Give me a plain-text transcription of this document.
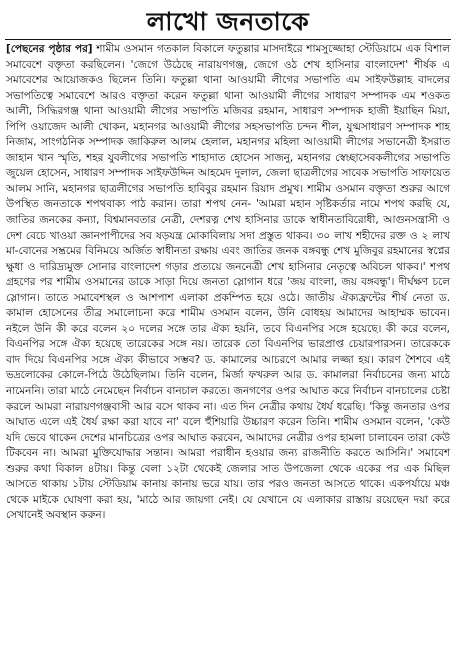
লাখো জনতাকে

[পেছনের পৃষ্ঠার পর] শামীম ওসমান গতকাল বিকালে ফতুল্লার মাসদাইরে শামসুজ্জোহা স্টেডিয়ামে এক বিশাল সমাবেশে বক্তৃতা করছিলেন। 'জেগে উঠেছে নারায়ণগঞ্জ, জেগে ওঠ শেখ হাসিনার বাংলাদেশ' শীর্ষক এ সমাবেশের আয়োজকও ছিলেন তিনি। ফতুল্লা থানা আওয়ামী লীগের সভাপতি এম সাইফউল্লাহ বাদলের সভাপতিত্বে সমাবেশে আরও বক্তৃতা করেন ফতুল্লা থানা আওয়ামী লীগের সাধারণ সম্পাদক এম শওকত আলী, সিদ্ধিরগঞ্জ থানা আওয়ামী লীগের সভাপতি মজিবর রহমান, সাধারণ সম্পাদক হাজী ইয়াছিন মিয়া, পিপি ওয়াজেদ আলী খোকন, মহানগর আওয়ামী লীগের সহসভাপতি চন্দন শীল, যুগ্মসাধারণ সম্পাদক শাহ নিজাম, সাংগঠনিক সম্পাদক জাকিরুল আলম হেলাল, মহানগর মহিলা আওয়ামী লীগের সভানেত্রী ইসরাত জাহান খান স্মৃতি, শহর যুবলীগের সভাপতি শাহাদাত হোসেন সাজনু, মহানগর স্বেচ্ছাসেবকলীগের সভাপতি জুয়েল হোসেন, সাধারণ সম্পাদক সাইফউদ্দিন আহমেদ দুলাল, জেলা ছাত্রলীগের সাবেক সভাপতি সাফায়েত আলম সানি, মহানগর ছাত্রলীগের সভাপতি হাবিবুর রহমান রিয়াদ প্রমুখ। শামীম ওসমান বক্তৃতা শুরুর আগে উপস্থিত জনতাকে শপথবাক্য পাঠ করান। তারা শপথ নেন- 'আমরা মহান সৃষ্টিকর্তার নামে শপথ করছি যে, জাতির জনকের কন্যা, বিশ্বমানবতার নেত্রী, দেশরত্ন শেখ হাসিনার ডাকে স্বাধীনতাবিরোধী, আগুনসন্ত্রাসী ও দেশ বেচে খাওয়া জ্ঞানপাপীদের সব ষড়যন্ত্র মোকাবিলায় সদা প্রস্তুত থাকব। ৩০ লাখ শহীদের রক্ত ও ২ লাখ মা-বোনের সম্ভ্রমের বিনিময়ে অর্জিত স্বাধীনতা রক্ষায় এবং জাতির জনক বঙ্গবন্ধু শেখ মুজিবুর রহমানের স্বপ্নের ক্ষুধা ও দারিদ্র্যমুক্ত সোনার বাংলাদেশ গড়ার প্রত্যয়ে জননেত্রী শেখ হাসিনার নেতৃত্বে অবিচল থাকব।' শপথ গ্রহণের পর শামীম ওসমানের ডাকে সাড়া দিয়ে জনতা স্লোগান ধরে 'জয় বাংলা, জয় বঙ্গবন্ধু'। দীর্ঘক্ষণ চলে স্লোগান। তাতে সমাবেশস্থল ও আশপাশ এলাকা প্রকম্পিত হয়ে ওঠে। জাতীয় ঐক্যফ্রন্টের শীর্ষ নেতা ড. কামাল হোসেনের তীব্র সমালোচনা করে শামীম ওসমান বলেন, উনি বোধহয় আমাদের আহাম্মক ভাবেন। নইলে উনি কী করে বলেন ২০ দলের সঙ্গে তার ঐক্য হয়নি, তবে বিএনপির সঙ্গে হয়েছে। কী করে বলেন, বিএনপির সঙ্গে ঐক্য হয়েছে তারেকের সঙ্গে নয়। তারেক তো বিএনপির ভারপ্রাপ্ত চেয়ারপারসন। তারেককে বাদ দিয়ে বিএনপির সঙ্গে ঐক্য কীভাবে সম্ভব? ড. কামালের আচরণে আমার লজ্জা হয়। কারণ শৈশবে এই ভদ্রলোকের কোলে-পিঠে উঠেছিলাম। তিনি বলেন, মির্জা ফখরুল আর ড. কামালরা নির্বাচনের জন্য মাঠে নামেননি। তারা মাঠে নেমেছেন নির্বাচন বানচাল করতে। জনগণের ওপর আঘাত করে নির্বাচন বানচালের চেষ্টা করলে আমরা নারায়ণগঞ্জবাসী আর বসে থাকব না। এত দিন নেত্রীর কথায় ধৈর্য ধরেছি। 'কিন্তু জনতার ওপর আঘাত এলে এই ধৈর্য রক্ষা করা যাবে না' বলে হুঁশিয়ারি উচ্চারণ করেন তিনি। শামীম ওসমান বলেন, 'কেউ যদি ভেবে থাকেন দেশের মানচিত্রের ওপর আঘাত করবেন, আমাদের নেত্রীর ওপর হামলা চালাবেন তারা কেউ টিকবেন না। আমরা মুক্তিযোদ্ধার সন্তান। আমরা পরাধীন হওয়ার জন্য রাজনীতি করতে আসিনি।' সমাবেশ শুরুর কথা বিকাল ৪টায়। কিন্তু বেলা ১২টা থেকেই জেলার সাত উপজেলা থেকে একের পর এক মিছিল আসতে থাকায় ১টায় স্টেডিয়াম কানায় কানায় ভরে যায়। তার পরও জনতা আসতে থাকে। একপর্যায়ে মঞ্চ থেকে মাইকে ঘোষণা করা হয়, 'মাঠে আর জায়গা নেই। যে যেখানে যে এলাকার রাস্তায় রয়েছেন দয়া করে সেখানেই অবস্থান করুন।
